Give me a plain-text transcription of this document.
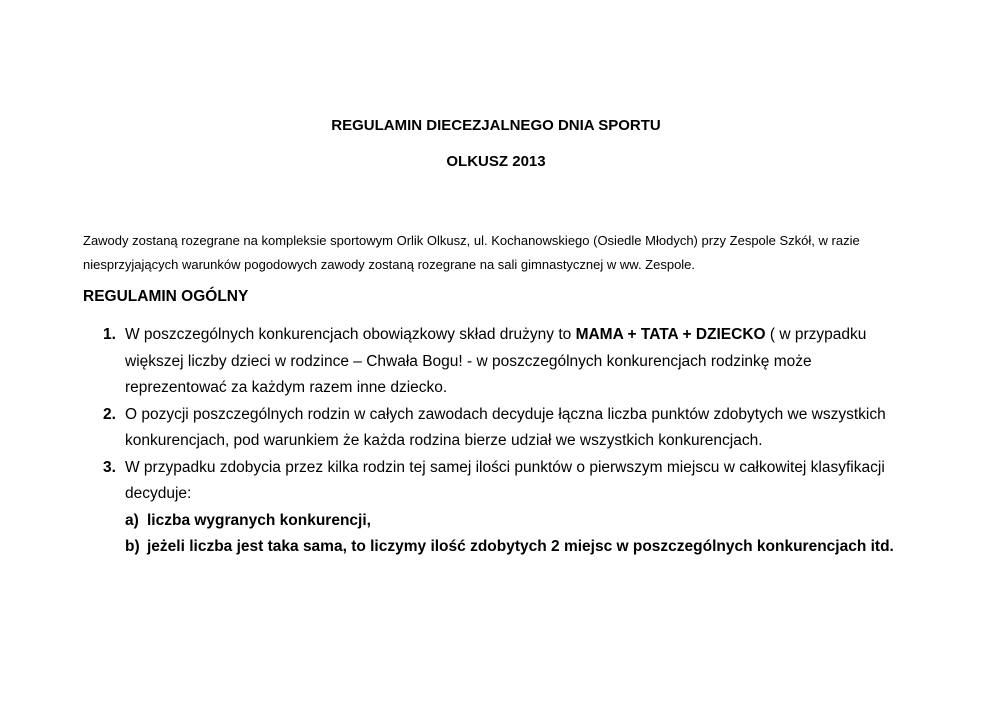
REGULAMIN DIECEZJALNEGO DNIA SPORTU

OLKUSZ 2013

Zawody zostaną rozegrane na kompleksie sportowym Orlik Olkusz, ul. Kochanowskiego (Osiedle Młodych) przy Zespole Szkół, w razie niesprzyjających warunków pogodowych zawody zostaną rozegrane na sali gimnastycznej w ww. Zespole.

REGULAMIN OGÓLNY

1. W poszczególnych konkurencjach obowiązkowy skład drużyny to MAMA + TATA + DZIECKO ( w przypadku większej liczby dzieci w rodzince – Chwała Bogu! - w poszczególnych konkurencjach rodzinkę może reprezentować za każdym razem inne dziecko.
2. O pozycji poszczególnych rodzin w całych zawodach decyduje łączna liczba punktów zdobytych we wszystkich konkurencjach, pod warunkiem że każda rodzina bierze udział we wszystkich konkurencjach.
3. W przypadku zdobycia przez kilka rodzin tej samej ilości punktów o pierwszym miejscu w całkowitej klasyfikacji decyduje:
a) liczba wygranych konkurencji,
b) jeżeli liczba jest taka sama, to liczymy ilość zdobytych 2 miejsc w poszczególnych konkurencjach itd.
